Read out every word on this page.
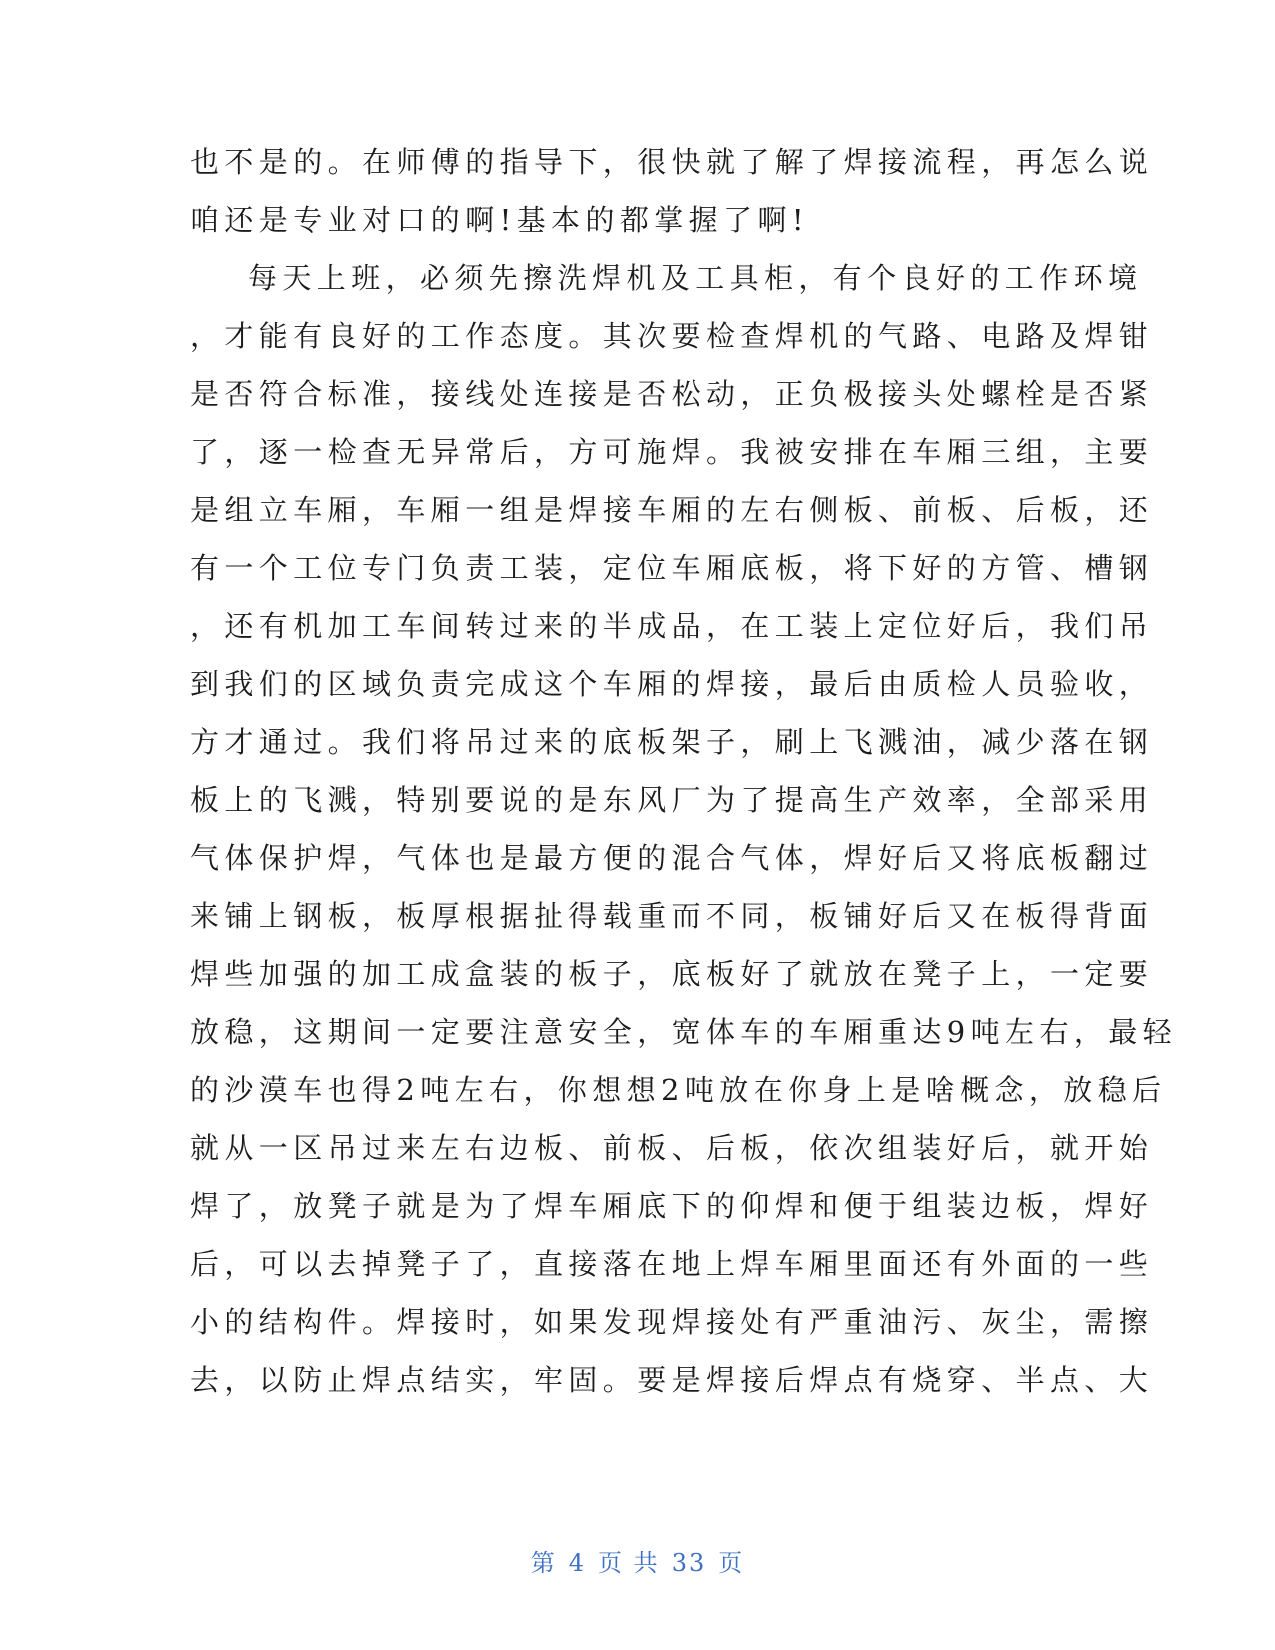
也不是的。在师傅的指导下，很快就了解了焊接流程，再怎么说
咱还是专业对口的啊!基本的都掌握了啊!
每天上班，必须先擦洗焊机及工具柜，有个良好的工作环境
，才能有良好的工作态度。其次要检查焊机的气路、电路及焊钳
是否符合标准，接线处连接是否松动，正负极接头处螺栓是否紧
了，逐一检查无异常后，方可施焊。我被安排在车厢三组，主要
是组立车厢，车厢一组是焊接车厢的左右侧板、前板、后板，还
有一个工位专门负责工装，定位车厢底板，将下好的方管、槽钢
，还有机加工车间转过来的半成品，在工装上定位好后，我们吊
到我们的区域负责完成这个车厢的焊接，最后由质检人员验收，
方才通过。我们将吊过来的底板架子，刷上飞溅油，减少落在钢
板上的飞溅，特别要说的是东风厂为了提高生产效率，全部采用
气体保护焊，气体也是最方便的混合气体，焊好后又将底板翻过
来铺上钢板，板厚根据扯得载重而不同，板铺好后又在板得背面
焊些加强的加工成盒装的板子，底板好了就放在凳子上，一定要
放稳，这期间一定要注意安全，宽体车的车厢重达9吨左右，最轻
的沙漠车也得2吨左右，你想想2吨放在你身上是啥概念，放稳后
就从一区吊过来左右边板、前板、后板，依次组装好后，就开始
焊了，放凳子就是为了焊车厢底下的仰焊和便于组装边板，焊好
后，可以去掉凳子了，直接落在地上焊车厢里面还有外面的一些
小的结构件。焊接时，如果发现焊接处有严重油污、灰尘，需擦
去，以防止焊点结实，牢固。要是焊接后焊点有烧穿、半点、大
第 4 页 共 33 页
